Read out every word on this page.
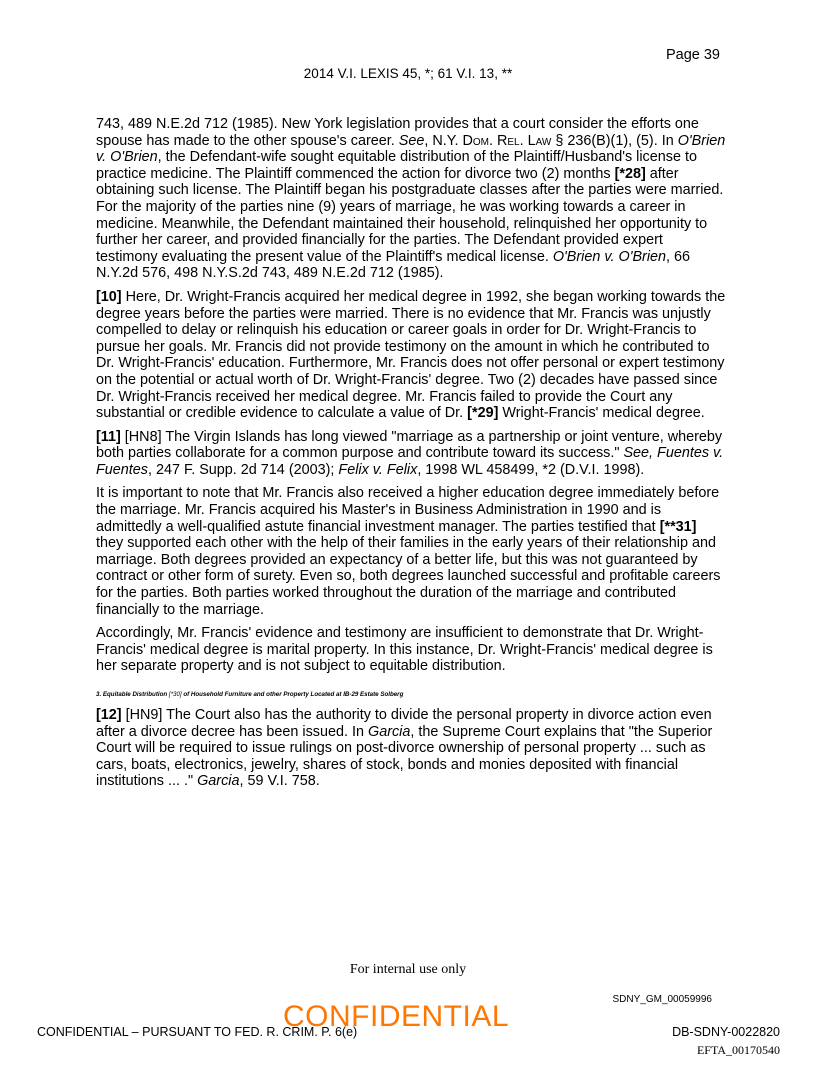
Page 39
2014 V.I. LEXIS 45, *; 61 V.I. 13, **

743, 489 N.E.2d 712 (1985). New York legislation provides that a court consider the efforts one spouse has made to the other spouse's career. See, N.Y. Dom. Rel. Law § 236(B)(1), (5). In O'Brien v. O'Brien, the Defendant-wife sought equitable distribution of the Plaintiff/Husband's license to practice medicine. The Plaintiff commenced the action for divorce two (2) months [*28] after obtaining such license. The Plaintiff began his postgraduate classes after the parties were married. For the majority of the parties nine (9) years of marriage, he was working towards a career in medicine. Meanwhile, the Defendant maintained their household, relinquished her opportunity to further her career, and provided financially for the parties. The Defendant provided expert testimony evaluating the present value of the Plaintiff's medical license. O'Brien v. O'Brien, 66 N.Y.2d 576, 498 N.Y.S.2d 743, 489 N.E.2d 712 (1985).

[10] Here, Dr. Wright-Francis acquired her medical degree in 1992, she began working towards the degree years before the parties were married. There is no evidence that Mr. Francis was unjustly compelled to delay or relinquish his education or career goals in order for Dr. Wright-Francis to pursue her goals. Mr. Francis did not provide testimony on the amount in which he contributed to Dr. Wright-Francis' education. Furthermore, Mr. Francis does not offer personal or expert testimony on the potential or actual worth of Dr. Wright-Francis' degree. Two (2) decades have passed since Dr. Wright-Francis received her medical degree. Mr. Francis failed to provide the Court any substantial or credible evidence to calculate a value of Dr. [*29] Wright-Francis' medical degree.

[11] [HN8] The Virgin Islands has long viewed "marriage as a partnership or joint venture, whereby both parties collaborate for a common purpose and contribute toward its success." See, Fuentes v. Fuentes, 247 F. Supp. 2d 714 (2003); Felix v. Felix, 1998 WL 458499, *2 (D.V.I. 1998).

It is important to note that Mr. Francis also received a higher education degree immediately before the marriage. Mr. Francis acquired his Master's in Business Administration in 1990 and is admittedly a well-qualified astute financial investment manager. The parties testified that [**31] they supported each other with the help of their families in the early years of their relationship and marriage. Both degrees provided an expectancy of a better life, but this was not guaranteed by contract or other form of surety. Even so, both degrees launched successful and profitable careers for the parties. Both parties worked throughout the duration of the marriage and contributed financially to the marriage.

Accordingly, Mr. Francis' evidence and testimony are insufficient to demonstrate that Dr. Wright-Francis' medical degree is marital property. In this instance, Dr. Wright-Francis' medical degree is her separate property and is not subject to equitable distribution.

3. Equitable Distribution [*30] of Household Furniture and other Property Located at IB-29 Estate Solberg

[12] [HN9] The Court also has the authority to divide the personal property in divorce action even after a divorce decree has been issued. In Garcia, the Supreme Court explains that "the Superior Court will be required to issue rulings on post-divorce ownership of personal property ... such as cars, boats, electronics, jewelry, shares of stock, bonds and monies deposited with financial institutions ... ." Garcia, 59 V.I. 758.

For internal use only
SDNY_GM_00059996
CONFIDENTIAL – PURSUANT TO FED. R. CRIM. P. 6(e)
CONFIDENTIAL	DB-SDNY-0022820
EFTA_00170540
